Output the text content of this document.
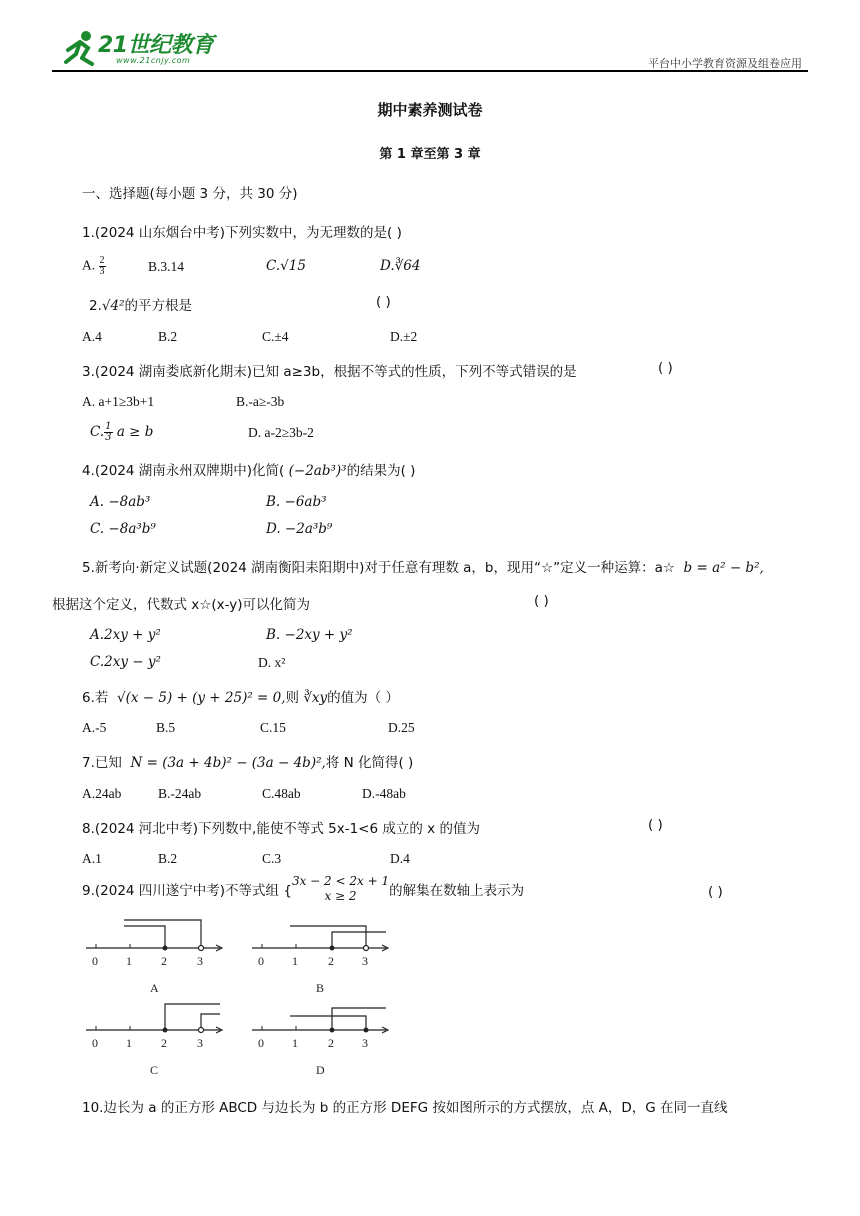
21世纪教育
www.21cnjy.com	平台中小学教育资源及组卷应用
期中素养测试卷
第 1 章至第 3 章
一、选择题(每小题 3 分，共 30 分)
1.(2024 山东烟台中考)下列实数中，为无理数的是( )
A. $\frac{2}{3}$	B.3.14	C.√15	D.∛64
2.√4²的平方根是	( )
A.4	B.2	C.±4	D.±2
3.(2024 湖南娄底新化期末)已知 a≥3b，根据不等式的性质，下列不等式错误的是	( )
A. a+1≥3b+1	B.-a≥-3b
C. $\frac{1}{3}$ a ≥ b	D. a-2≥3b-2
4.(2024 湖南永州双牌期中)化简( (−2ab³)³的结果为( )
A. −8ab³	B. −6ab³
C. −8a³b⁹	D. −2a³b⁹
5.新考向·新定义试题(2024 湖南衡阳耒阳期中)对于任意有理数 a，b，现用“☆”定义一种运算：a☆ b = a² − b²,
根据这个定义，代数式 x☆(x-y)可以化简为	( )
A.2xy + y²	B. −2xy + y²
C.2xy − y²	D. x²
6.若 √(x − 5) + (y + 25)² = 0,则 ∛xy的值为（ ）
A.-5	B.5	C.15	D.25
7.已知 N = (3a + 4b)² − (3a − 4b)²,将 N 化简得( )
A.24ab	B.-24ab	C.48ab	D.-48ab
8.(2024 河北中考)下列数中,能使不等式 5x-1<6 成立的 x 的值为	( )
A.1	B.2	C.3	D.4
9.(2024 四川遂宁中考)不等式组 {
3x − 2 < 2x + 1
x ≥ 2	的解集在数轴上表示为	( )
0 1 2	3
A
0 1	2 3
B
0 1 2	3
C
0 1	2 3
D
10.边长为 a 的正方形 ABCD 与边长为 b 的正方形 DEFG 按如图所示的方式摆放，点 A，D，G 在同一直线
